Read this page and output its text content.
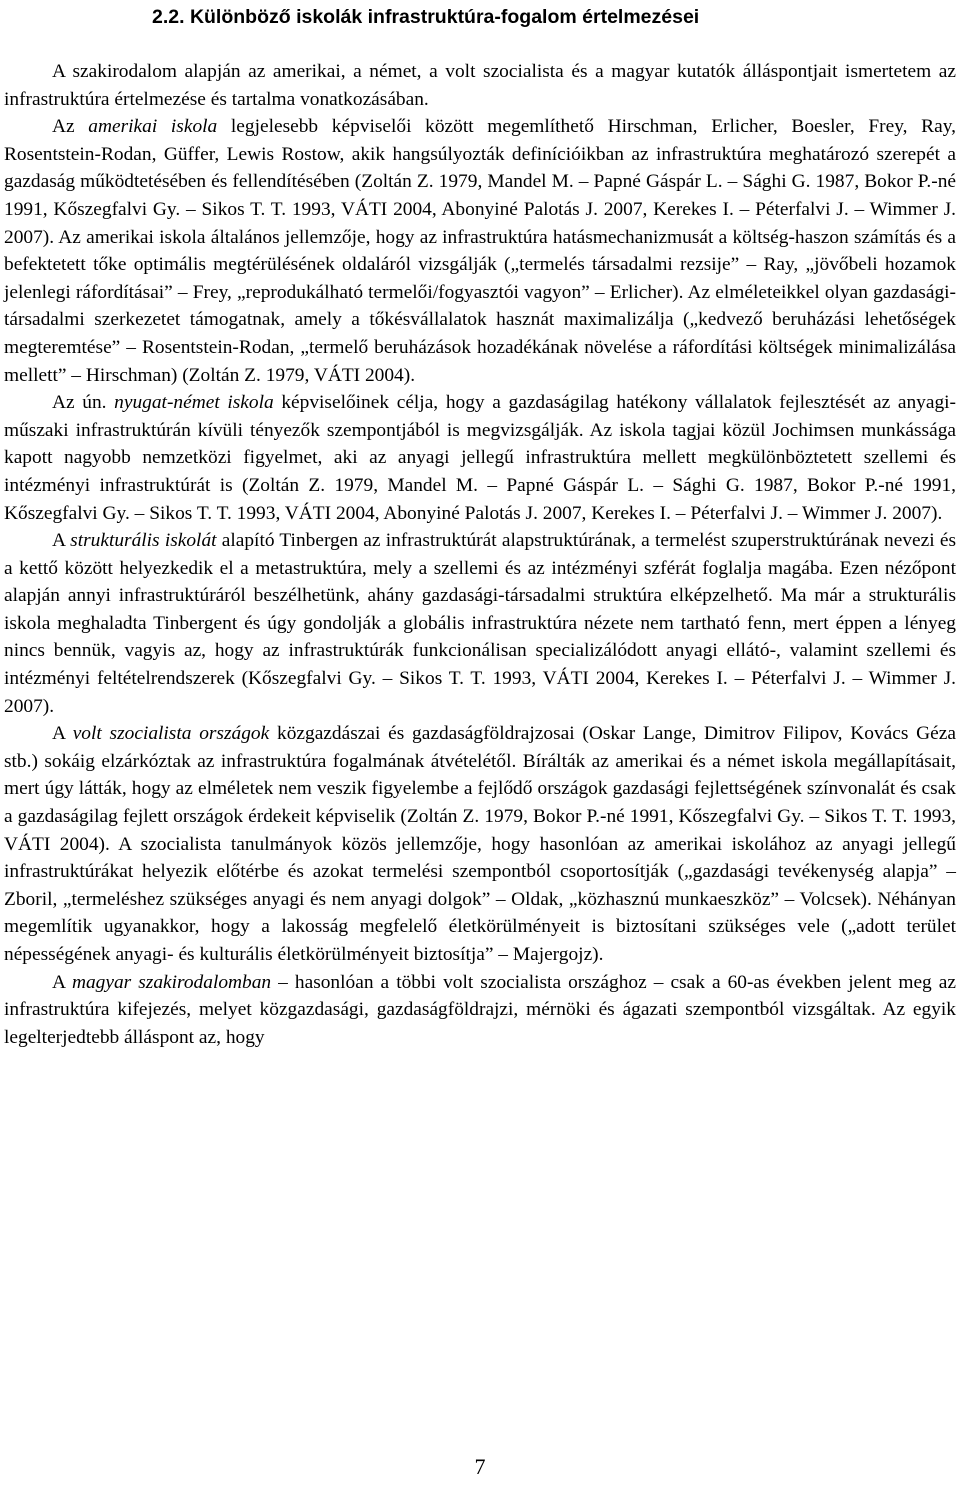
2.2. Különböző iskolák infrastruktúra-fogalom értelmezései

A szakirodalom alapján az amerikai, a német, a volt szocialista és a magyar kutatók álláspontjait ismertetem az infrastruktúra értelmezése és tartalma vonatkozásában.

Az amerikai iskola legjelesebb képviselői között megemlíthető Hirschman, Erlicher, Boesler, Frey, Ray, Rosentstein-Rodan, Güffer, Lewis Rostow, akik hangsúlyozták definícióikban az infrastruktúra meghatározó szerepét a gazdaság működtetésében és fellendítésében (Zoltán Z. 1979, Mandel M. – Papné Gáspár L. – Sághi G. 1987, Bokor P.-né 1991, Kőszegfalvi Gy. – Sikos T. T. 1993, VÁTI 2004, Abonyiné Palotás J. 2007, Kerekes I. – Péterfalvi J. – Wimmer J. 2007). Az amerikai iskola általános jellemzője, hogy az infrastruktúra hatásmechanizmusát a költség-haszon számítás és a befektetett tőke optimális megtérülésének oldaláról vizsgálják („termelés társadalmi rezsije” – Ray, „jövőbeli hozamok jelenlegi ráfordításai” – Frey, „reprodukálható termelői/fogyasztói vagyon” – Erlicher). Az elméleteikkel olyan gazdasági-társadalmi szerkezetet támogatnak, amely a tőkésvállalatok hasznát maximalizálja („kedvező beruházási lehetőségek megteremtése” – Rosentstein-Rodan, „termelő beruházások hozadékának növelése a ráfordítási költségek minimalizálása mellett” – Hirschman) (Zoltán Z. 1979, VÁTI 2004).

Az ún. nyugat-német iskola képviselőinek célja, hogy a gazdaságilag hatékony vállalatok fejlesztését az anyagi-műszaki infrastruktúrán kívüli tényezők szempontjából is megvizsgálják. Az iskola tagjai közül Jochimsen munkássága kapott nagyobb nemzetközi figyelmet, aki az anyagi jellegű infrastruktúra mellett megkülönböztetett szellemi és intézményi infrastruktúrát is (Zoltán Z. 1979, Mandel M. – Papné Gáspár L. – Sághi G. 1987, Bokor P.-né 1991, Kőszegfalvi Gy. – Sikos T. T. 1993, VÁTI 2004, Abonyiné Palotás J. 2007, Kerekes I. – Péterfalvi J. – Wimmer J. 2007).

A strukturális iskolát alapító Tinbergen az infrastruktúrát alapstruktúrának, a termelést szuperstruktúrának nevezi és a kettő között helyezkedik el a metastruktúra, mely a szellemi és az intézményi szférát foglalja magába. Ezen nézőpont alapján annyi infrastruktúráról beszélhetünk, ahány gazdasági-társadalmi struktúra elképzelhető. Ma már a strukturális iskola meghaladta Tinbergent és úgy gondolják a globális infrastruktúra nézete nem tartható fenn, mert éppen a lényeg nincs bennük, vagyis az, hogy az infrastruktúrák funkcionálisan specializálódott anyagi ellátó-, valamint szellemi és intézményi feltételrendszerek (Kőszegfalvi Gy. – Sikos T. T. 1993, VÁTI 2004, Kerekes I. – Péterfalvi J. – Wimmer J. 2007).

A volt szocialista országok közgazdászai és gazdaságföldrajzosai (Oskar Lange, Dimitrov Filipov, Kovács Géza stb.) sokáig elzárkóztak az infrastruktúra fogalmának átvételétől. Bírálták az amerikai és a német iskola megállapításait, mert úgy látták, hogy az elméletek nem veszik figyelembe a fejlődő országok gazdasági fejlettségének színvonalát és csak a gazdaságilag fejlett országok érdekeit képviselik (Zoltán Z. 1979, Bokor P.-né 1991, Kőszegfalvi Gy. – Sikos T. T. 1993, VÁTI 2004). A szocialista tanulmányok közös jellemzője, hogy hasonlóan az amerikai iskolához az anyagi jellegű infrastruktúrákat helyezik előtérbe és azokat termelési szempontból csoportosítják („gazdasági tevékenység alapja” – Zboril, „termeléshez szükséges anyagi és nem anyagi dolgok” – Oldak, „közhasznú munkaeszköz” – Volcsek). Néhányan megemlítik ugyanakkor, hogy a lakosság megfelelő életkörülményeit is biztosítani szükséges vele („adott terület népességének anyagi- és kulturális életkörülményeit biztosítja” – Majergojz).

A magyar szakirodalomban – hasonlóan a többi volt szocialista országhoz – csak a 60-as években jelent meg az infrastruktúra kifejezés, melyet közgazdasági, gazdaságföldrajzi, mérnöki és ágazati szempontból vizsgáltak. Az egyik legelterjedtebb álláspont az, hogy

7
